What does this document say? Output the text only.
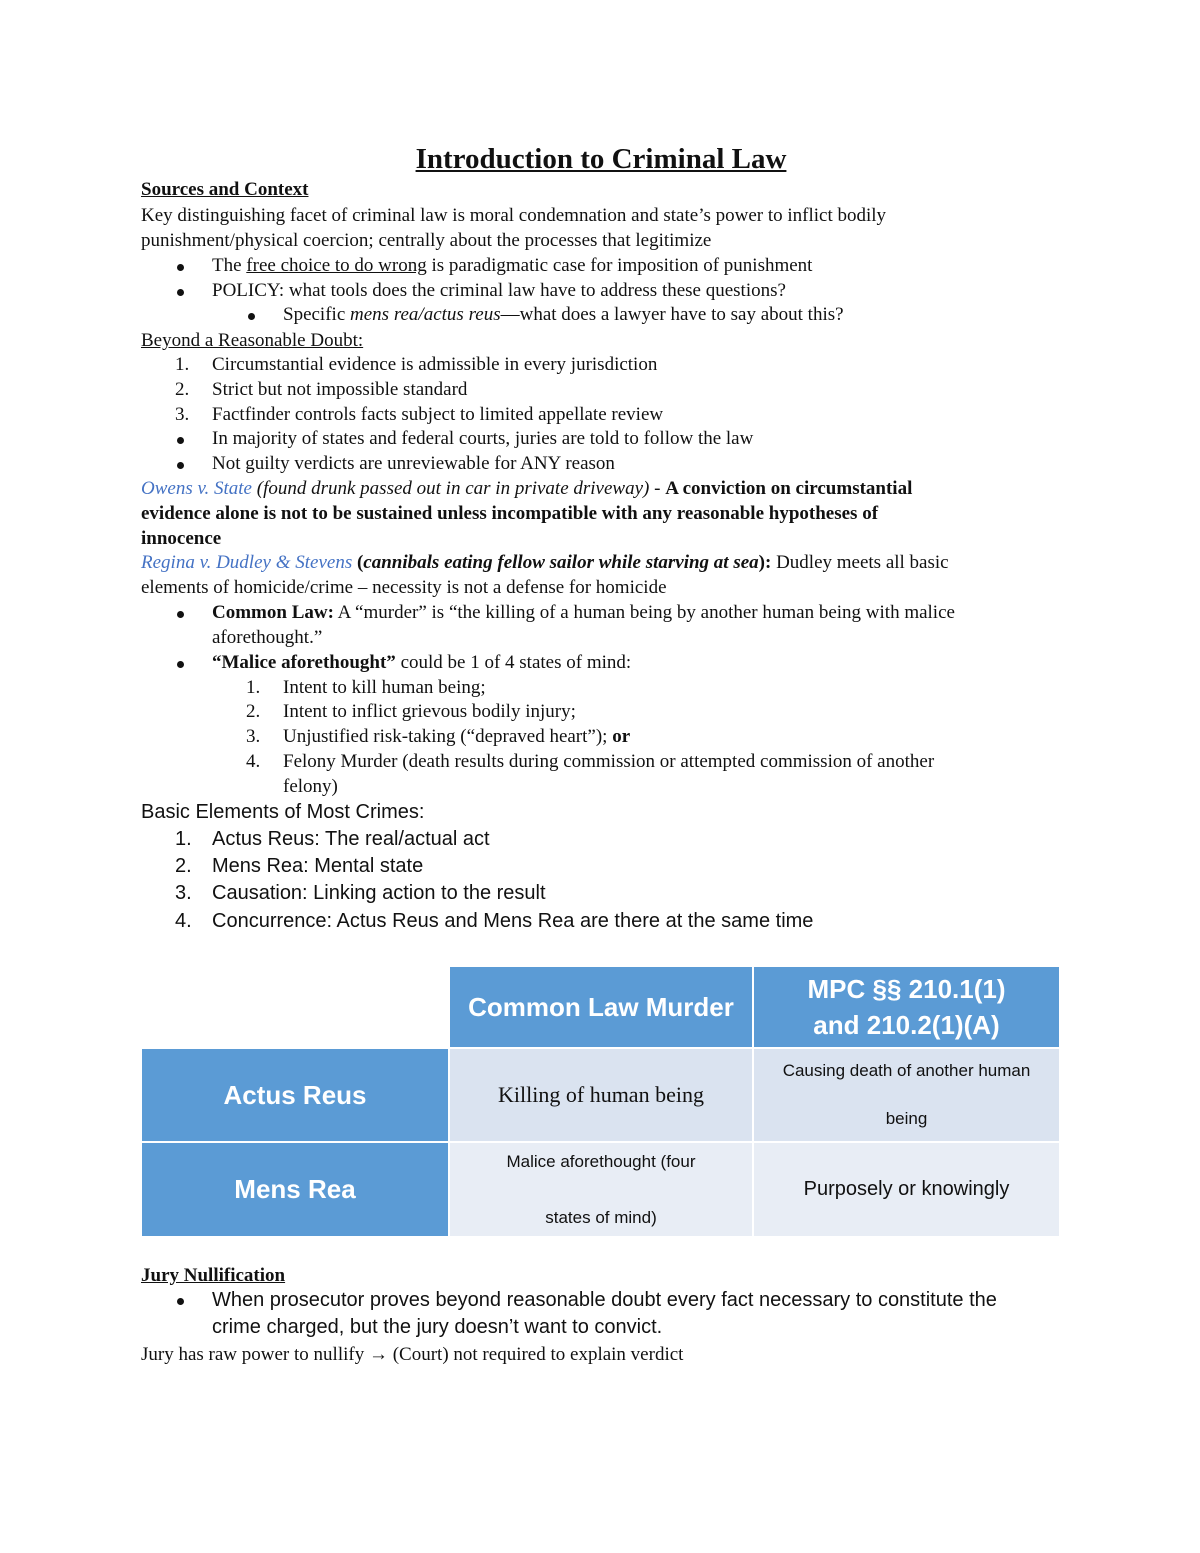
Introduction to Criminal Law
Sources and Context
Key distinguishing facet of criminal law is moral condemnation and state’s power to inflict bodily
punishment/physical coercion; centrally about the processes that legitimize
The free choice to do wrong is paradigmatic case for imposition of punishment
POLICY: what tools does the criminal law have to address these questions?
Specific mens rea/actus reus—what does a lawyer have to say about this?
Beyond a Reasonable Doubt:
1. Circumstantial evidence is admissible in every jurisdiction
2. Strict but not impossible standard
3. Factfinder controls facts subject to limited appellate review
In majority of states and federal courts, juries are told to follow the law
Not guilty verdicts are unreviewable for ANY reason
Owens v. State (found drunk passed out in car in private driveway) - A conviction on circumstantial
evidence alone is not to be sustained unless incompatible with any reasonable hypotheses of
innocence
Regina v. Dudley & Stevens (cannibals eating fellow sailor while starving at sea): Dudley meets all basic
elements of homicide/crime – necessity is not a defense for homicide
Common Law: A “murder” is “the killing of a human being by another human being with malice
aforethought.”
“Malice aforethought” could be 1 of 4 states of mind:
1. Intent to kill human being;
2. Intent to inflict grievous bodily injury;
3. Unjustified risk-taking (“depraved heart”); or
4. Felony Murder (death results during commission or attempted commission of another
felony)
Basic Elements of Most Crimes:
1. Actus Reus: The real/actual act
2. Mens Rea: Mental state
3. Causation: Linking action to the result
4. Concurrence: Actus Reus and Mens Rea are there at the same time
Jury Nullification
When prosecutor proves beyond reasonable doubt every fact necessary to constitute the
crime charged, but the jury doesn’t want to convict.
Jury has raw power to nullify → (Court) not required to explain verdict
Common Law Murder
MPC §§ 210.1(1)
and 210.2(1)(A)
Actus Reus	Killing of human being
Causing death of another human
being
Mens Rea
Malice aforethought (four
states of mind)
Purposely or knowingly
